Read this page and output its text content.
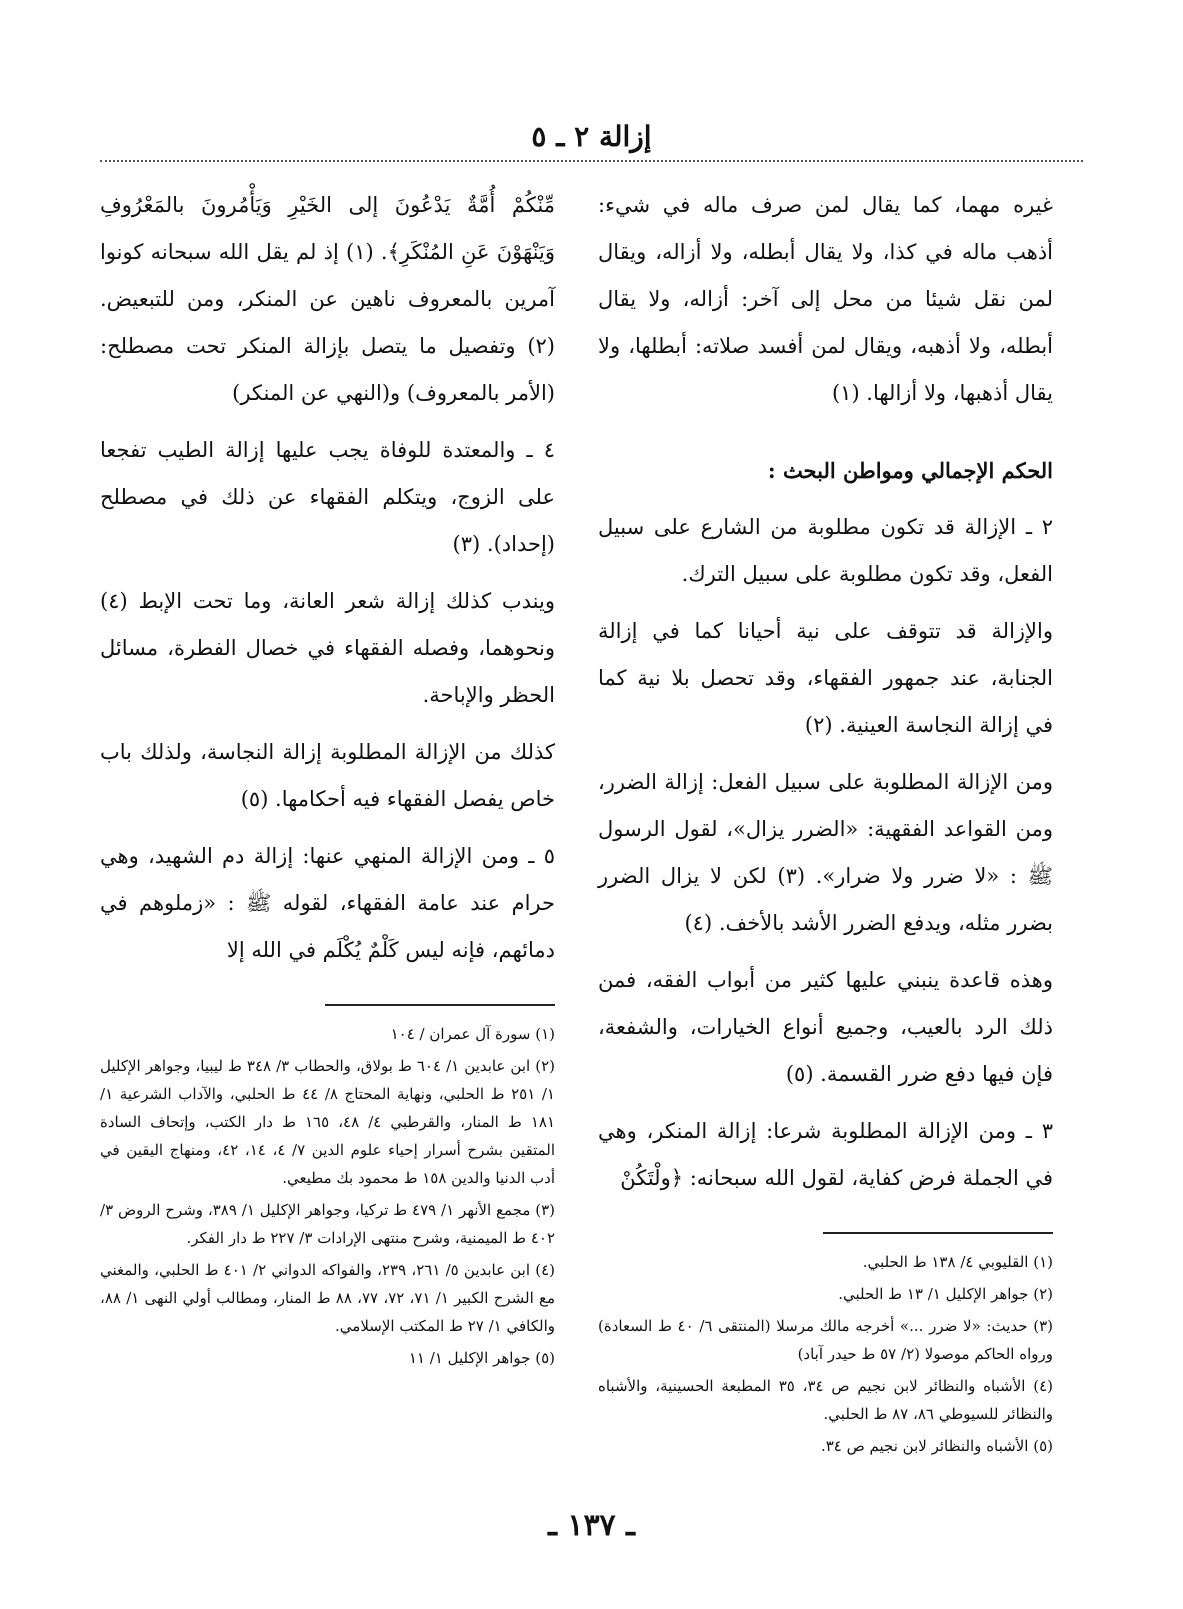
إزالة ٢ ـ ٥

غيره مهما، كما يقال لمن صرف ماله في شيء: أذهب ماله في كذا، ولا يقال أبطله، ولا أزاله، ويقال لمن نقل شيئا من محل إلى آخر: أزاله، ولا يقال أبطله، ولا أذهبه، ويقال لمن أفسد صلاته: أبطلها، ولا يقال أذهبها، ولا أزالها. (١)

الحكم الإجمالي ومواطن البحث :

٢ ـ الإزالة قد تكون مطلوبة من الشارع على سبيل الفعل، وقد تكون مطلوبة على سبيل الترك.

والإزالة قد تتوقف على نية أحيانا كما في إزالة الجنابة، عند جمهور الفقهاء، وقد تحصل بلا نية كما في إزالة النجاسة العينية. (٢)

ومن الإزالة المطلوبة على سبيل الفعل: إزالة الضرر، ومن القواعد الفقهية: «الضرر يزال»، لقول الرسول ﷺ : «لا ضرر ولا ضرار». (٣) لكن لا يزال الضرر بضرر مثله، ويدفع الضرر الأشد بالأخف. (٤)

وهذه قاعدة ينبني عليها كثير من أبواب الفقه، فمن ذلك الرد بالعيب، وجميع أنواع الخيارات، والشفعة، فإن فيها دفع ضرر القسمة. (٥)

٣ ـ ومن الإزالة المطلوبة شرعا: إزالة المنكر، وهي في الجملة فرض كفاية، لقول الله سبحانه: ﴿ولْتَكُنْ

(١) القليوبي ٤/ ١٣٨ ط الحلبي.

(٢) جواهر الإكليل ١/ ١٣ ط الحلبي.

(٣) حديث: «لا ضرر ...» أخرجه مالك مرسلا (المنتقى ٦/ ٤٠ ط السعادة) ورواه الحاكم موصولا (٢/ ٥٧ ط حيدر آباد)

(٤) الأشباه والنظائر لابن نجيم ص ٣٤، ٣٥ المطبعة الحسينية، والأشباه والنظائر للسيوطي ٨٦، ٨٧ ط الحلبي.

(٥) الأشباه والنظائر لابن نجيم ص ٣٤.

مِّنْكُمْ أُمَّةٌ يَدْعُونَ إلى الخَيْرِ وَيَأْمُرونَ بالمَعْرُوفِ وَيَنْهَوْنَ عَنِ المُنْكَرِ﴾. (١) إذ لم يقل الله سبحانه كونوا آمرين بالمعروف ناهين عن المنكر، ومن للتبعيض. (٢) وتفصيل ما يتصل بإزالة المنكر تحت مصطلح: (الأمر بالمعروف) و(النهي عن المنكر)

٤ ـ والمعتدة للوفاة يجب عليها إزالة الطيب تفجعا على الزوج، ويتكلم الفقهاء عن ذلك في مصطلح (إحداد). (٣)

ويندب كذلك إزالة شعر العانة، وما تحت الإبط (٤) ونحوهما، وفصله الفقهاء في خصال الفطرة، مسائل الحظر والإباحة.

كذلك من الإزالة المطلوبة إزالة النجاسة، ولذلك باب خاص يفصل الفقهاء فيه أحكامها. (٥)

٥ ـ ومن الإزالة المنهي عنها: إزالة دم الشهيد، وهي حرام عند عامة الفقهاء، لقوله ﷺ : «زملوهم في دمائهم، فإنه ليس كَلْمٌ يُكْلَم في الله إلا

(١) سورة آل عمران / ١٠٤

(٢) ابن عابدين ١/ ٦٠٤ ط بولاق، والحطاب ٣/ ٣٤٨ ط ليبيا، وجواهر الإكليل ١/ ٢٥١ ط الحلبي، ونهاية المحتاج ٨/ ٤٤ ط الحلبي، والآداب الشرعية ١/ ١٨١ ط المنار، والقرطبي ٤/ ٤٨، ١٦٥ ط دار الكتب، وإتحاف السادة المتقين بشرح أسرار إحياء علوم الدين ٧/ ٤، ١٤، ٤٢، ومنهاج اليقين في أدب الدنيا والدين ١٥٨ ط محمود بك مطيعي.

(٣) مجمع الأنهر ١/ ٤٧٩ ط تركيا، وجواهر الإكليل ١/ ٣٨٩، وشرح الروض ٣/ ٤٠٢ ط الميمنية، وشرح منتهى الإرادات ٣/ ٢٢٧ ط دار الفكر.

(٤) ابن عابدين ٥/ ٢٦١، ٢٣٩، والفواكه الدواني ٢/ ٤٠١ ط الحلبي، والمغني مع الشرح الكبير ١/ ٧١، ٧٢، ٧٧، ٨٨ ط المنار، ومطالب أولي النهى ١/ ٨٨، والكافي ١/ ٢٧ ط المكتب الإسلامي.

(٥) جواهر الإكليل ١/ ١١

ـ ١٣٧ ـ
